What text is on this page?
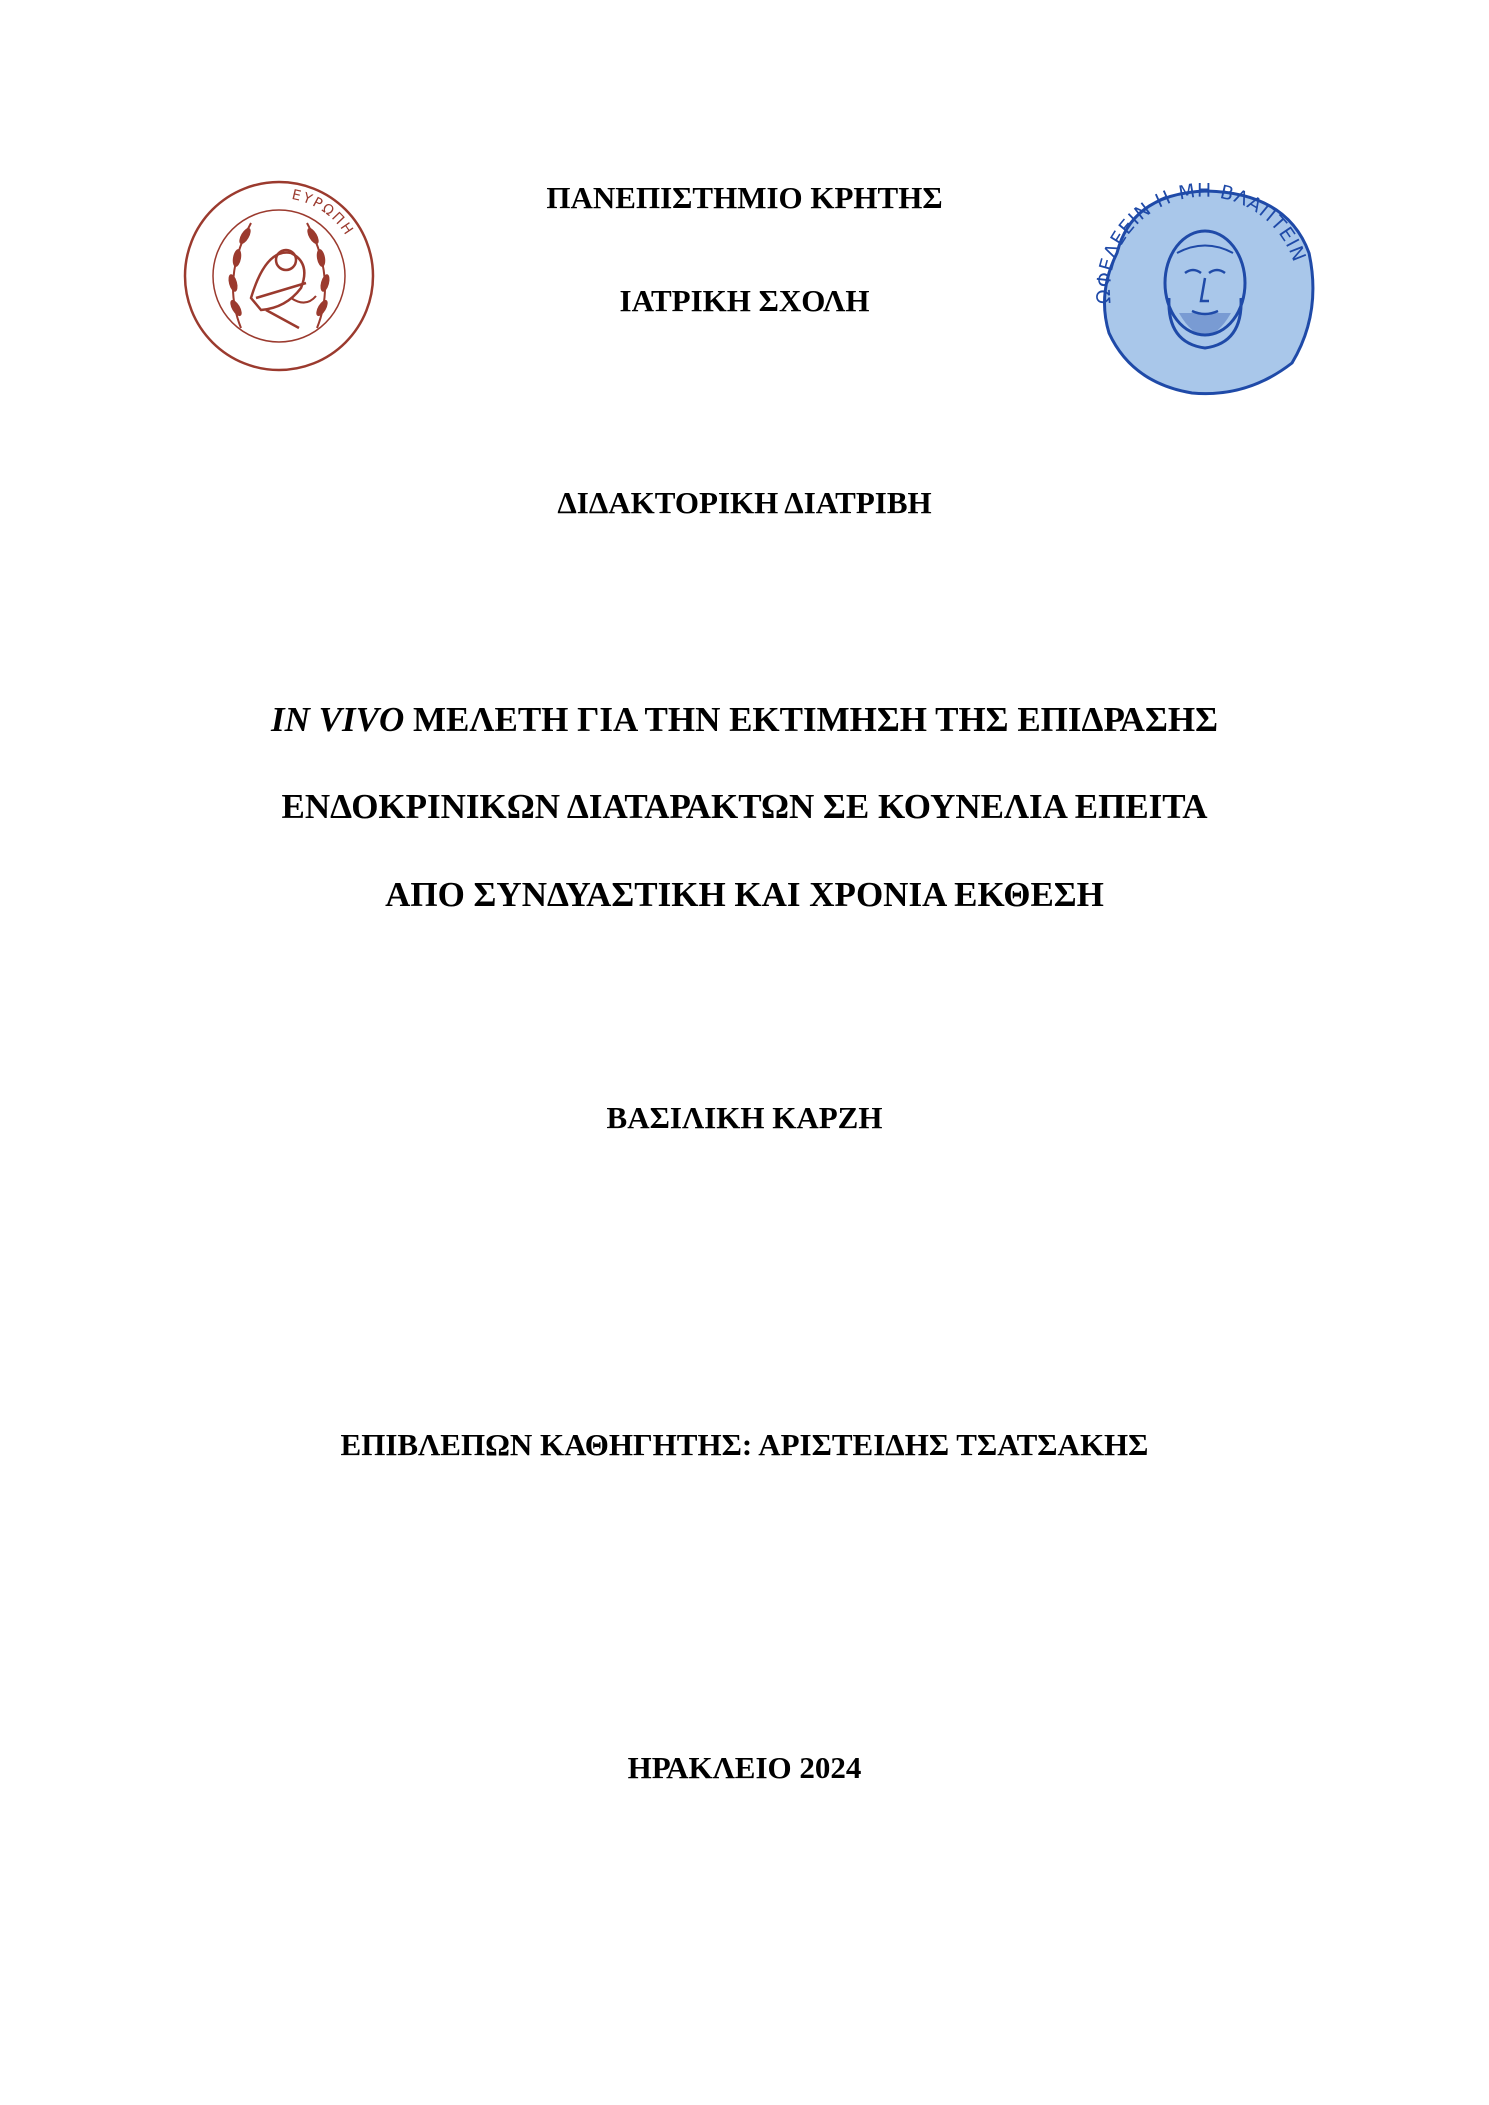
ΕΥΡΩΠΗ
ΩΦΕΛΕΕΙΝ Η ΜΗ ΒΛΑΠΤΕΙΝ
ΠΑΝΕΠΙΣΤΗΜΙΟ ΚΡΗΤΗΣ
ΙΑΤΡΙΚΗ ΣΧΟΛΗ
ΔΙΔΑΚΤΟΡΙΚΗ ΔΙΑΤΡΙΒΗ
IN VIVO ΜΕΛΕΤΗ ΓΙΑ ΤΗΝ ΕΚΤΙΜΗΣΗ ΤΗΣ ΕΠΙΔΡΑΣΗΣ
ΕΝΔΟΚΡΙΝΙΚΩΝ ΔΙΑΤΑΡΑΚΤΩΝ ΣΕ ΚΟΥΝΕΛΙΑ ΕΠΕΙΤΑ
ΑΠΟ ΣΥΝΔΥΑΣΤΙΚΗ ΚΑΙ ΧΡΟΝΙΑ ΕΚΘΕΣΗ
ΒΑΣΙΛΙΚΗ ΚΑΡΖΗ
ΕΠΙΒΛΕΠΩΝ ΚΑΘΗΓΗΤΗΣ: ΑΡΙΣΤΕΙΔΗΣ ΤΣΑΤΣΑΚΗΣ
ΗΡΑΚΛΕΙΟ 2024
